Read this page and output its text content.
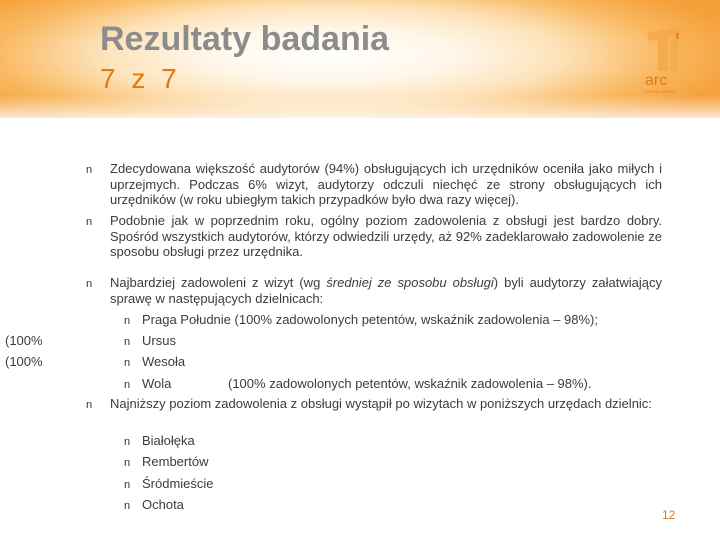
Rezultaty badania
7 z 7	arc
RYNEK I OPINIA
(100%
(100%
n Zdecydowana większość audytorów (94%) obsługujących ich urzędników oceniła jako miłych i uprzejmych. Podczas 6% wizyt, audytorzy odczuli niechęć ze strony obsługujących ich urzędników (w roku ubiegłym takich przypadków było dwa razy więcej).
n Podobnie jak w poprzednim roku, ogólny poziom zadowolenia z obsługi jest bardzo dobry. Spośród wszystkich audytorów, którzy odwiedzili urzędy, aż 92% zadeklarowało zadowolenie ze sposobu obsługi przez urzędnika.
n Najbardziej zadowoleni z wizyt (wg średniej ze sposobu obsługi) byli audytorzy załatwiający sprawę w następujących dzielnicach:
n Praga Południe (100% zadowolonych petentów, wskaźnik zadowolenia – 98%);
n Ursus
n Wesoła
n Wola	(100% zadowolonych petentów, wskaźnik zadowolenia – 98%).
n Najniższy poziom zadowolenia z obsługi wystąpił po wizytach w poniższych urzędach dzielnic:
n Białołęka
n Rembertów
n Śródmieście
n Ochota
12
